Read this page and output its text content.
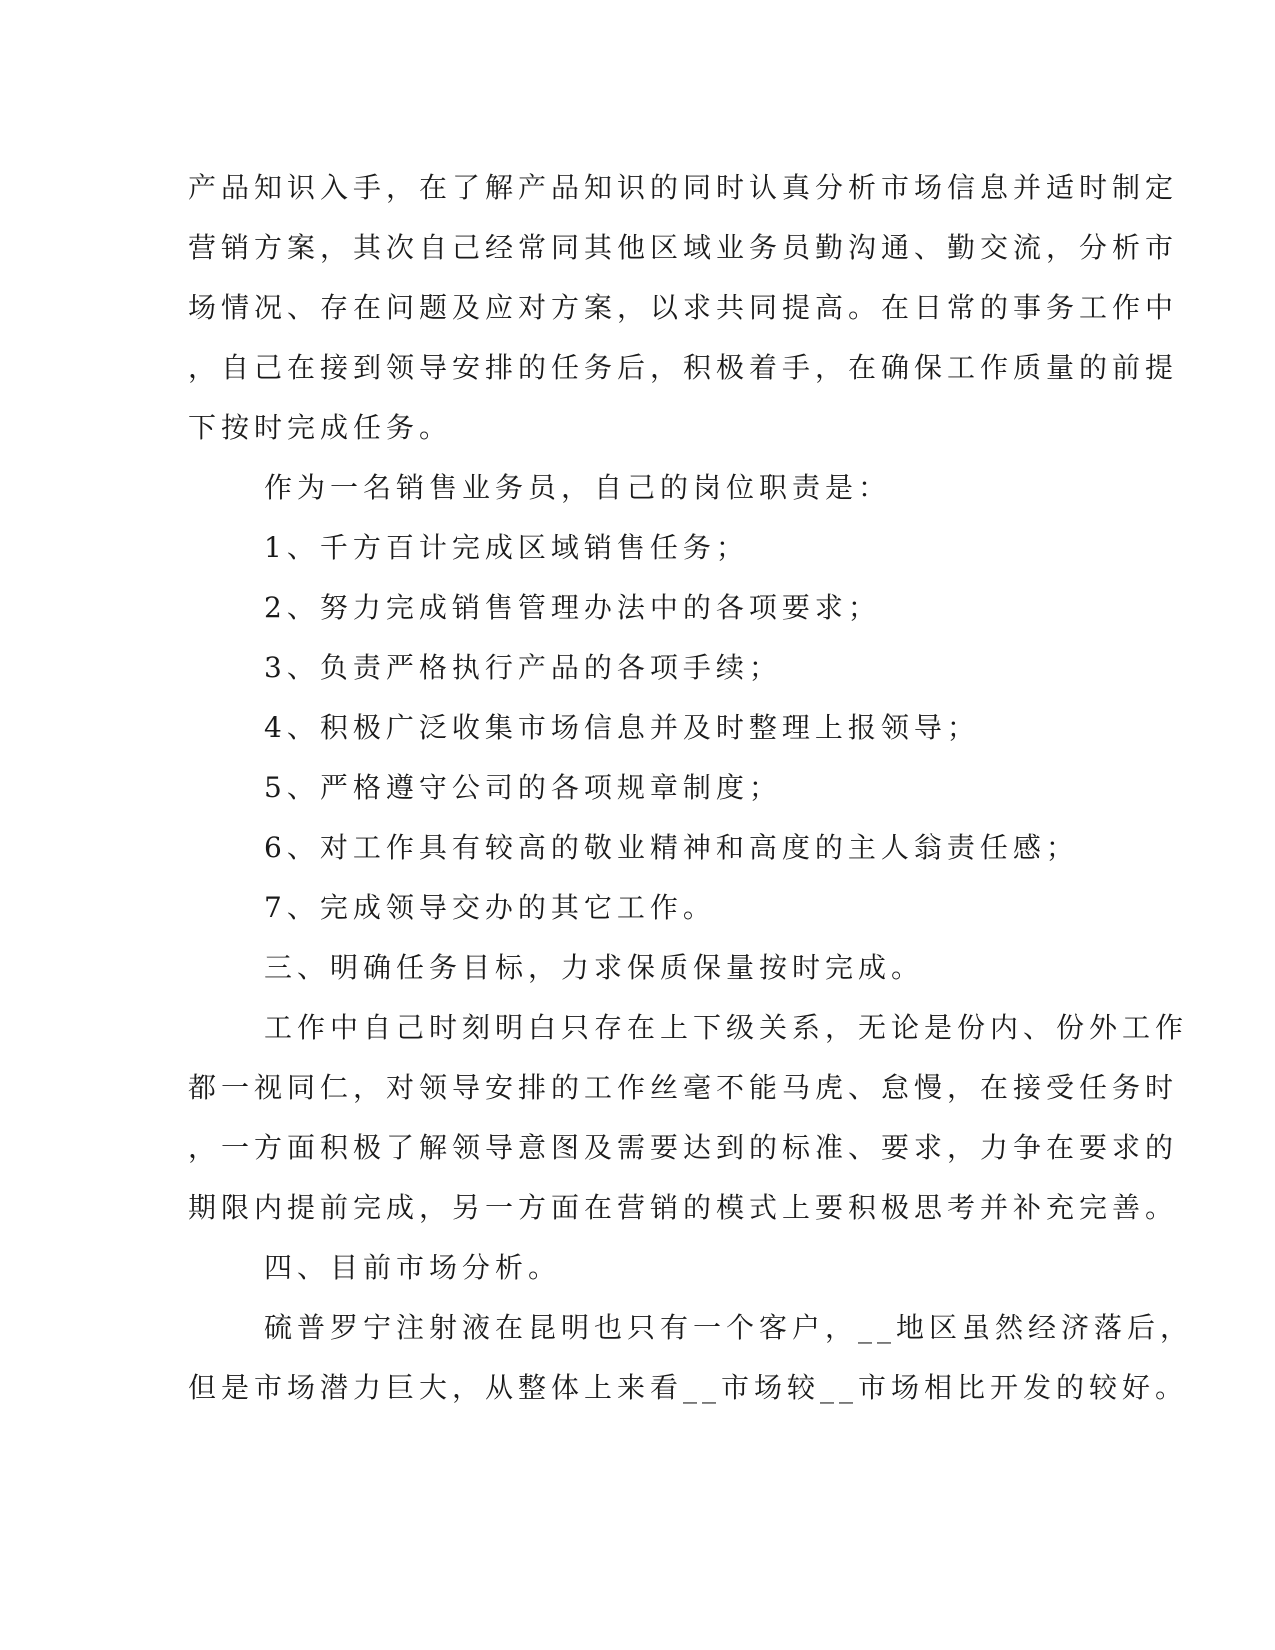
产品知识入手，在了解产品知识的同时认真分析市场信息并适时制定
营销方案，其次自己经常同其他区域业务员勤沟通、勤交流，分析市
场情况、存在问题及应对方案，以求共同提高。在日常的事务工作中
，自己在接到领导安排的任务后，积极着手，在确保工作质量的前提
下按时完成任务。
作为一名销售业务员，自己的岗位职责是：
1、千方百计完成区域销售任务；
2、努力完成销售管理办法中的各项要求；
3、负责严格执行产品的各项手续；
4、积极广泛收集市场信息并及时整理上报领导；
5、严格遵守公司的各项规章制度；
6、对工作具有较高的敬业精神和高度的主人翁责任感；
7、完成领导交办的其它工作。
三、明确任务目标，力求保质保量按时完成。
工作中自己时刻明白只存在上下级关系，无论是份内、份外工作
都一视同仁，对领导安排的工作丝毫不能马虎、怠慢，在接受任务时
，一方面积极了解领导意图及需要达到的标准、要求，力争在要求的
期限内提前完成，另一方面在营销的模式上要积极思考并补充完善。
四、目前市场分析。
硫普罗宁注射液在昆明也只有一个客户，__地区虽然经济落后，
但是市场潜力巨大，从整体上来看__市场较__市场相比开发的较好。
